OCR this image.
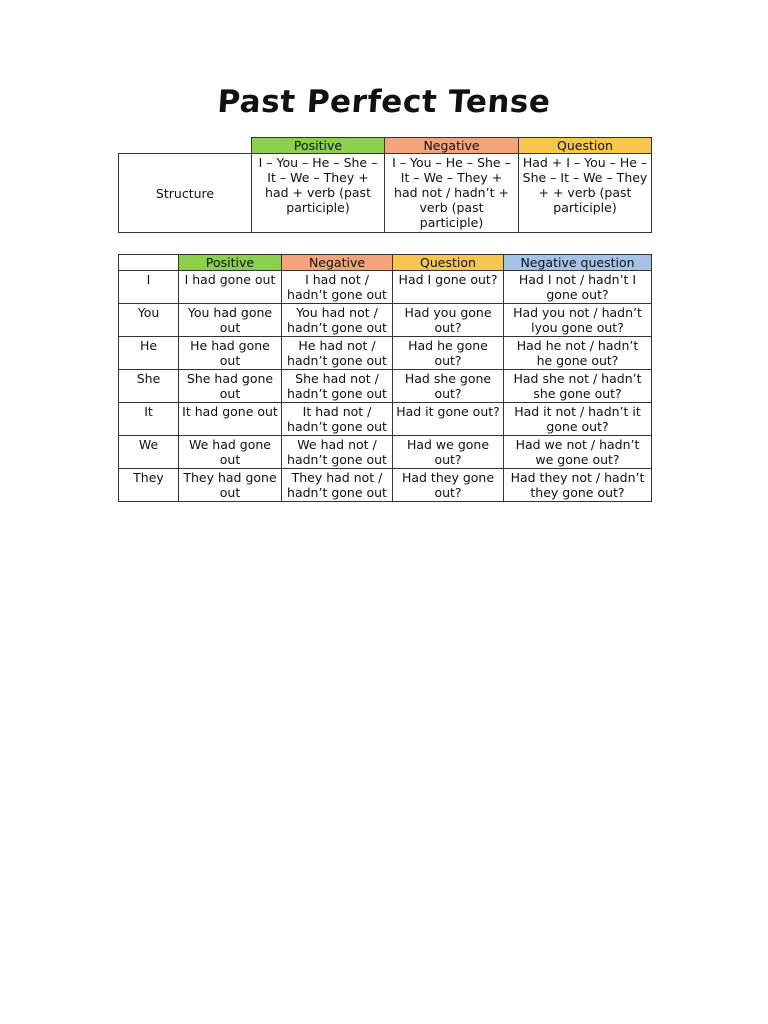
Past Perfect Tense
	Positive	Negative	Question
Structure	I – You – He – She – It – We – They + had + verb (past participle)	I – You – He – She – It – We – They + had not / hadn’t + verb (past participle)	Had + I – You – He – She – It – We – They + + verb (past participle)
	Positive	Negative	Question	Negative question
I	I had gone out	I had not / hadn’t gone out	Had I gone out?	Had I not / hadn’t I gone out?
You	You had gone out	You had not / hadn’t gone out	Had you gone out?	Had you not / hadn’t lyou gone out?
He	He had gone out	He had not / hadn’t gone out	Had he gone out?	Had he not / hadn’t he gone out?
She	She had gone out	She had not / hadn’t gone out	Had she gone out?	Had she not / hadn’t she gone out?
It	It had gone out	It had not / hadn’t gone out	Had it gone out?	Had it not / hadn’t it gone out?
We	We had gone out	We had not / hadn’t gone out	Had we gone out?	Had we not / hadn’t we gone out?
They	They had gone out	They had not / hadn’t gone out	Had they gone out?	Had they not / hadn’t they gone out?
